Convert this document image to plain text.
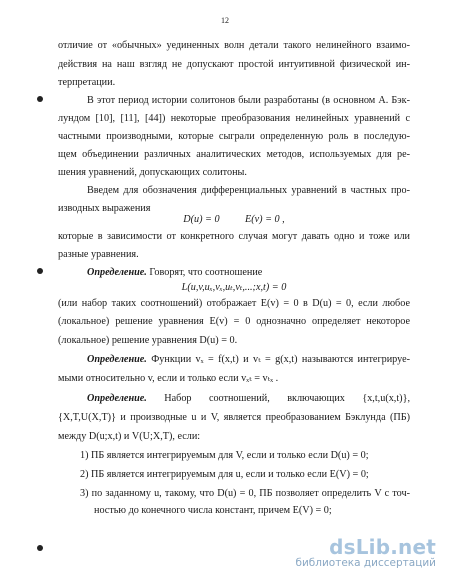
12
отличие от «обычных» уединенных волн детали такого нелинейного взаимо-
действия на наш взгляд не допускают простой интуитивной физической ин-
терпретации.
В этот период истории солитонов были разработаны (в основном А. Бэк-
лундом [10], [11], [44]) некоторые преобразования нелинейных уравнений с
частными производными, которые сыграли определенную роль в последую-
щем объединении различных аналитических методов, используемых для ре-
шения уравнений, допускающих солитоны.
Введем для обозначения дифференциальных уравнений в частных про-
изводных выражения
D(u) = 0          E(v) = 0 ,
которые в зависимости от конкретного случая могут давать одно и тоже или
разные уравнения.
Определение. Говорят, что соотношение
L(u,v,uₓ,vₓ,uₜ,vₜ,...;x,t) = 0
(или набор таких соотношений) отображает E(v) = 0 в D(u) = 0, если любое
(локальное) решение уравнения E(v) = 0 однозначно определяет некоторое
(локальное) решение уравнения D(u) = 0.
Определение. Функции vₓ = f(x,t) и vₜ = g(x,t) называются интегрируе-
мыми относительно v, если и только если vₓₜ = vₜₓ .
Определение. Набор соотношений, включающих {x,t,u(x,t)},
{X,T,U(X,T)} и производные u и V, является преобразованием Бэклунда (ПБ)
между D(u;x,t) и V(U;X,T), если:
1) ПБ является интегрируемым для V, если и только если D(u) = 0;
2) ПБ является интегрируемым для u, если и только если E(V) = 0;
3) по заданному u, такому, что D(u) = 0, ПБ позволяет определить V с точ-
ностью до конечного числа констант, причем E(V) = 0;
dsLib.net
библиотека диссертаций
